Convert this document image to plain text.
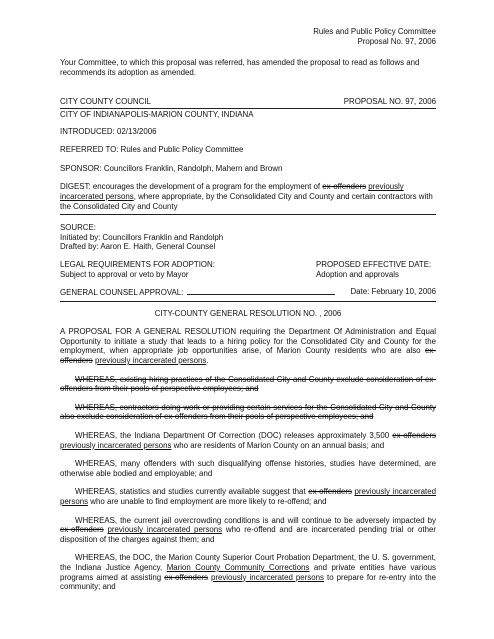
Rules and Public Policy Committee
Proposal No. 97, 2006

Your Committee, to which this proposal was referred, has amended the proposal to read as follows and recommends its adoption as amended.

CITY COUNTY COUNCIL	PROPOSAL NO. 97, 2006
CITY OF INDIANAPOLIS-MARION COUNTY, INDIANA
INTRODUCED: 02/13/2006
REFERRED TO: Rules and Public Policy Committee
SPONSOR: Councillors Franklin, Randolph, Mahern and Brown

DIGEST: encourages the development of a program for the employment of ex-offenders previously incarcerated persons, where appropriate, by the Consolidated City and County and certain contractors with the Consolidated City and County

SOURCE:
Initiated by: Councillors Franklin and Randolph
Drafted by: Aaron E. Haith, General Counsel
LEGAL REQUIREMENTS FOR ADOPTION:
Subject to approval or veto by Mayor
PROPOSED EFFECTIVE DATE:
Adoption and approvals
GENERAL COUNSEL APPROVAL:	Date: February 10, 2006
CITY-COUNTY GENERAL RESOLUTION NO. , 2006

A PROPOSAL FOR A GENERAL RESOLUTION requiring the Department Of Administration and Equal Opportunity to initiate a study that leads to a hiring policy for the Consolidated City and County for the employment, when appropriate job opportunities arise, of Marion County residents who are also ex-offenders previously incarcerated persons.

WHEREAS, existing hiring practices of the Consolidated City and County exclude consideration of ex-offenders from their pools of perspective employees; and

WHEREAS, contractors doing work or providing certain services for the Consolidated City and County also exclude consideration of ex-offenders from their pools of perspective employees; and

WHEREAS, the Indiana Department Of Correction (DOC) releases approximately 3,500 ex-offenders previously incarcerated persons who are residents of Marion County on an annual basis; and

WHEREAS, many offenders with such disqualifying offense histories, studies have determined, are otherwise able bodied and employable; and

WHEREAS, statistics and studies currently available suggest that ex-offenders previously incarcerated persons who are unable to find employment are more likely to re-offend; and

WHEREAS, the current jail overcrowding conditions is and will continue to be adversely impacted by ex-offenders previously incarcerated persons who re-offend and are incarcerated pending trial or other disposition of the charges against them; and

WHEREAS, the DOC, the Marion County Superior Court Probation Department, the U. S. government, the Indiana Justice Agency, Marion County Community Corrections and private entities have various programs aimed at assisting ex-offenders previously incarcerated persons to prepare for re-entry into the community; and
